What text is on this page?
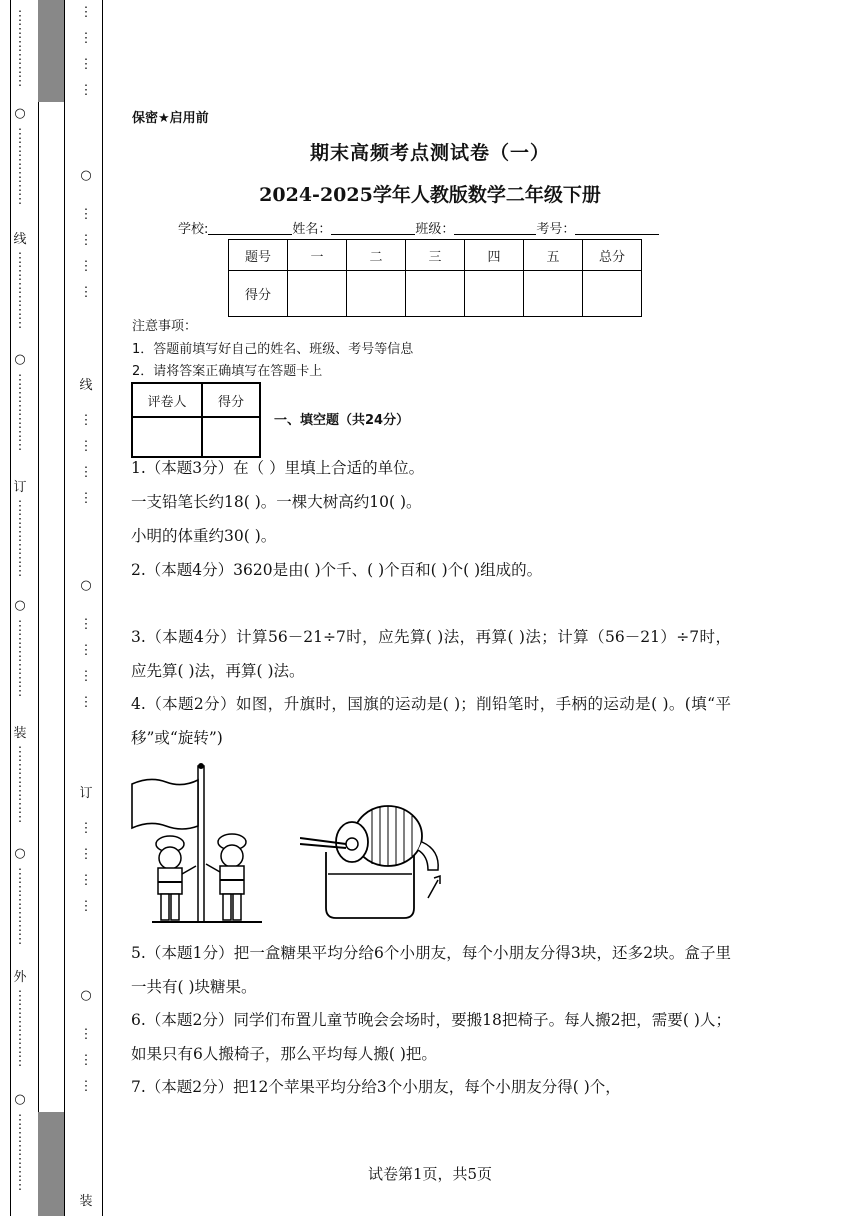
⋮
⋮
⋮
⋮
⋮
⋮
○
⋮
⋮
⋮
⋮
⋮
⋮
线
⋮
⋮
⋮
⋮
⋮
⋮
○
⋮
⋮
⋮
⋮
⋮
⋮
订
⋮
⋮
⋮
⋮
⋮
⋮
○
⋮
⋮
⋮
⋮
⋮
⋮
装
⋮
⋮
⋮
⋮
⋮
⋮
○
⋮
⋮
⋮
⋮
⋮
⋮
外
⋮
⋮
⋮
⋮
⋮
⋮
○
⋮
⋮
⋮
⋮
⋮
⋮
⋮

⋮

⋮

⋮
○
⋮

⋮

⋮

⋮
线
⋮

⋮

⋮

⋮
○
⋮

⋮

⋮

⋮
订
⋮

⋮

⋮

⋮
○
⋮

⋮

⋮
装
保密★启用前
期末高频考点测试卷（一）
2024-2025学年人教版数学二年级下册
学校:	姓名：	班级：	考号：
题号	一	二	三	四	五	总分
得分						
注意事项：
1．答题前填写好自己的姓名、班级、考号等信息
2．请将答案正确填写在答题卡上
评卷人	得分

一、填空题（共24分）
1.（本题3分）在（ ）里填上合适的单位。
一支铅笔长约18( )。一棵大树高约10( )。
小明的体重约30( )。
2.（本题4分）3620是由( )个千、( )个百和( )个( )组成的。
3.（本题4分）计算56－21÷7时，应先算( )法，再算( )法；计算（56－21）÷7时，应先算( )法，再算( )法。
4.（本题2分）如图，升旗时，国旗的运动是( )；削铅笔时，手柄的运动是( )。(填“平移”或“旋转”)
5.（本题1分）把一盒糖果平均分给6个小朋友，每个小朋友分得3块，还多2块。盒子里一共有( )块糖果。
6.（本题2分）同学们布置儿童节晚会会场时，要搬18把椅子。每人搬2把，需要( )人；如果只有6人搬椅子，那么平均每人搬( )把。
7.（本题2分）把12个苹果平均分给3个小朋友，每个小朋友分得( )个，
试卷第1页，共5页
